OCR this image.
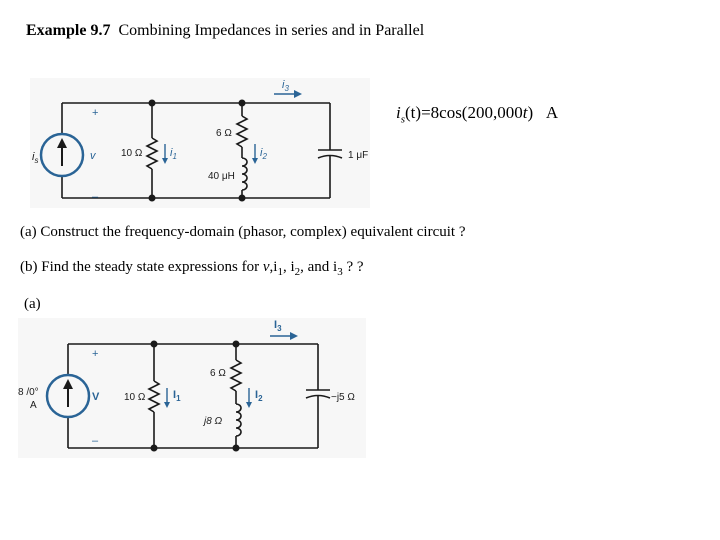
Example 9.7 Combining Impedances in series and in Parallel
$i_s(t)=8\cos(200,000t)$ A
+
–
v
$i_s$
10 Ω	$i_1$
6 Ω
$i_2$
40 μH
1 μF
$i_3$
(a) Construct the frequency-domain (phasor, complex) equivalent circuit ?
(b) Find the steady state expressions for $v,i_1$, $i_2$, and $i_3$ ? ?
(a)
+
–
V
8 /0°
A
10 Ω	$I_1$
6 Ω
$I_2$
j8 Ω
−j5 Ω
$I_3$
